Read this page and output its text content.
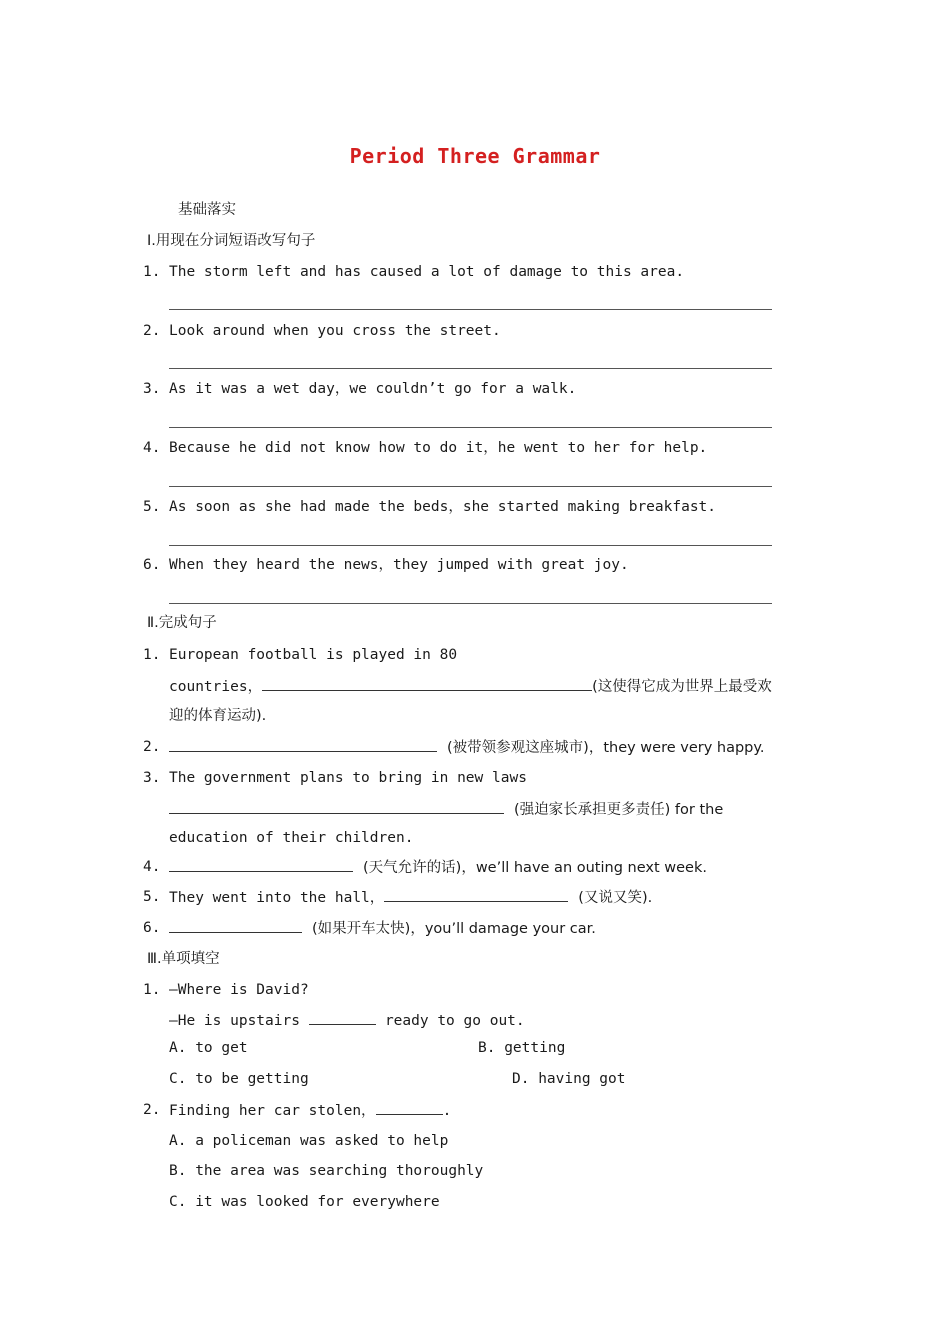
Period Three Grammar
基础落实
Ⅰ.用现在分词短语改写句子
1. The storm left and has caused a lot of damage to this area.
2. Look around when you cross the street.
3. As it was a wet day，we couldn’t go for a walk.
4. Because he did not know how to do it，he went to her for help.
5. As soon as she had made the beds，she started making breakfast.
6. When they heard the news，they jumped with great joy.
Ⅱ.完成句子
1. European football is played in 80
countries，	(这使得它成为世界上最受欢
迎的体育运动).
2.	(被带领参观这座城市)，they were very happy.
3. The government plans to bring in new laws
(强迫家长承担更多责任) for the
education of their children.
4.	(天气允许的话)，we’ll have an outing next week.
5. They went into the hall，	(又说又笑).
6.	(如果开车太快)，you’ll damage your car.
Ⅲ.单项填空
1. —Where is David?
—He is upstairs	ready to go out.
A. to get	B. getting
C. to be getting	D. having got
2. Finding her car stolen，	.
A. a policeman was asked to help
B. the area was searching thoroughly
C. it was looked for everywhere
